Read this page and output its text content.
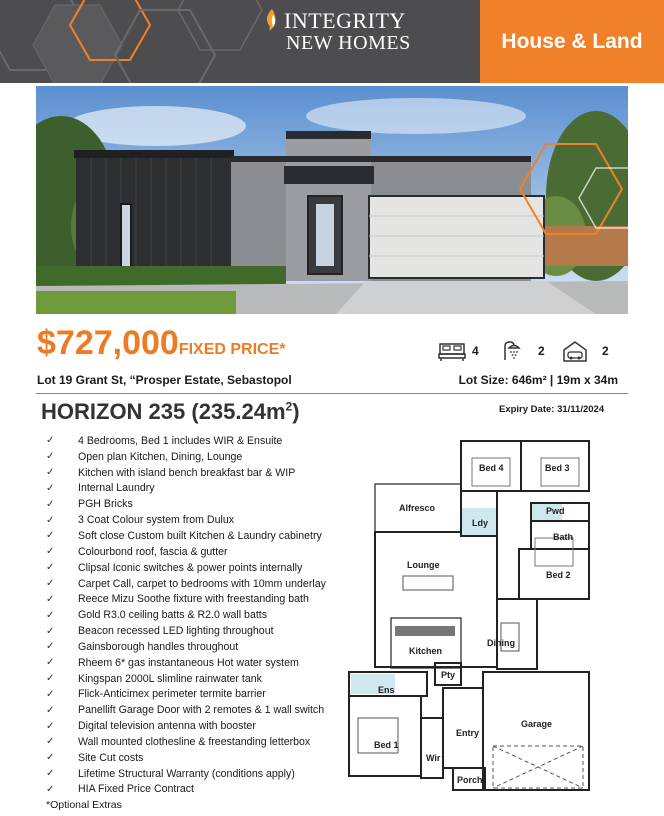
INTEGRITY
NEW HOMES	House & Land
$727,000FIXED PRICE*	4	2	2
Lot 19 Grant St, “Prosper Estate, Sebastopol	Lot Size: 646m² | 19m x 34m
HORIZON 235 $(235.24m^2)$	Expiry Date: 31/11/2024
✓	4 Bedrooms, Bed 1 includes WIR & Ensuite
✓	Open plan Kitchen, Dining, Lounge
✓	Kitchen with island bench breakfast bar & WIP
✓	Internal Laundry
✓	PGH Bricks
✓	3 Coat Colour system from Dulux
✓	Soft close Custom built Kitchen & Laundry cabinetry
✓	Colourbond roof, fascia & gutter
✓	Clipsal Iconic switches & power points internally
✓	Carpet Call, carpet to bedrooms with 10mm underlay
✓	Reece Mizu Soothe fixture with freestanding bath
✓	Gold R3.0 ceiling batts & R2.0 wall batts
✓	Beacon recessed LED lighting throughout
✓	Gainsborough handles throughout
✓	Rheem 6* gas instantaneous Hot water system
✓	Kingspan 2000L slimline rainwater tank
✓	Flick-Anticimex perimeter termite barrier
✓	Panellift Garage Door with 2 remotes & 1 wall switch
✓	Digital television antenna with booster
✓	Wall mounted clothesline & freestanding letterbox
✓	Site Cut costs
✓	Lifetime Structural Warranty (conditions apply)
✓	HIA Fixed Price Contract
*Optional Extras
Bed 4	Bed 3
Alfresco
Ldy
Pwd
Bath
Lounge
Bed 2
Dining
Kitchen
Pty
Ens
Garage
Entry
Bed 1
Wir
Porch
